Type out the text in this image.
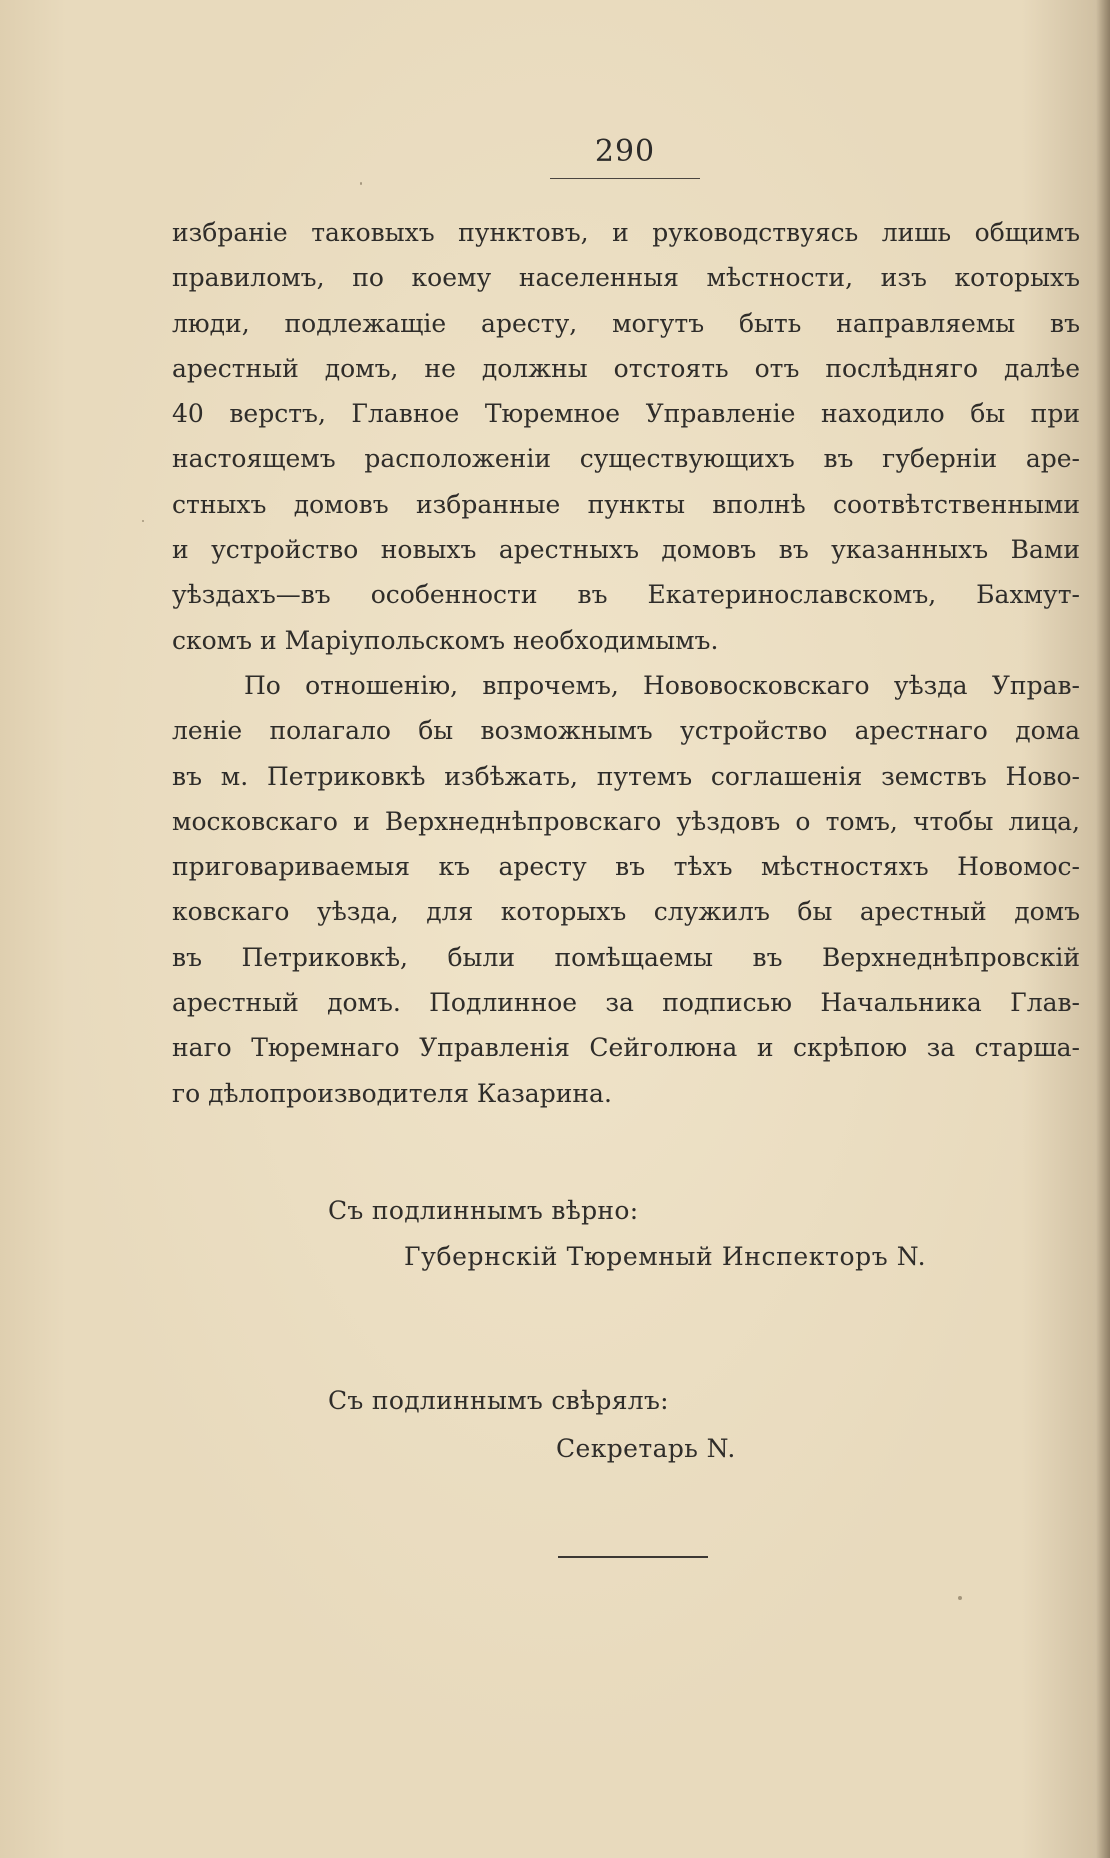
290
избраніе таковыхъ пунктовъ, и руководствуясь лишь общимъ
правиломъ, по коему населенныя мѣстности, изъ которыхъ
люди, подлежащіе аресту, могутъ быть направляемы въ
арестный домъ, не должны отстоять отъ послѣдняго далѣе
40 верстъ, Главное Тюремное Управленіе находило бы при
настоящемъ расположеніи существующихъ въ губерніи аре-
стныхъ домовъ избранные пункты вполнѣ соотвѣтственными
и устройство новыхъ арестныхъ домовъ въ указанныхъ Вами
уѣздахъ—въ особенности въ Екатеринославскомъ, Бахмут-
скомъ и Маріупольскомъ необходимымъ.
По отношенію, впрочемъ, Нововосковскаго уѣзда Управ-
леніе полагало бы возможнымъ устройство арестнаго дома
въ м. Петриковкѣ избѣжать, путемъ соглашенія земствъ Ново-
московскаго и Верхнеднѣпровскаго уѣздовъ о томъ, чтобы лица,
приговариваемыя къ аресту въ тѣхъ мѣстностяхъ Новомос-
ковскаго уѣзда, для которыхъ служилъ бы арестный домъ
въ Петриковкѣ, были помѣщаемы въ Верхнеднѣпровскій
арестный домъ. Подлинное за подписью Начальника Глав-
наго Тюремнаго Управленія Сейголюна и скрѣпою за старша-
го дѣлопроизводителя Казарина.
Съ подлиннымъ вѣрно:
Губернскій Тюремный Инспекторъ N.
Съ подлиннымъ свѣрялъ:
Секретарь N.
